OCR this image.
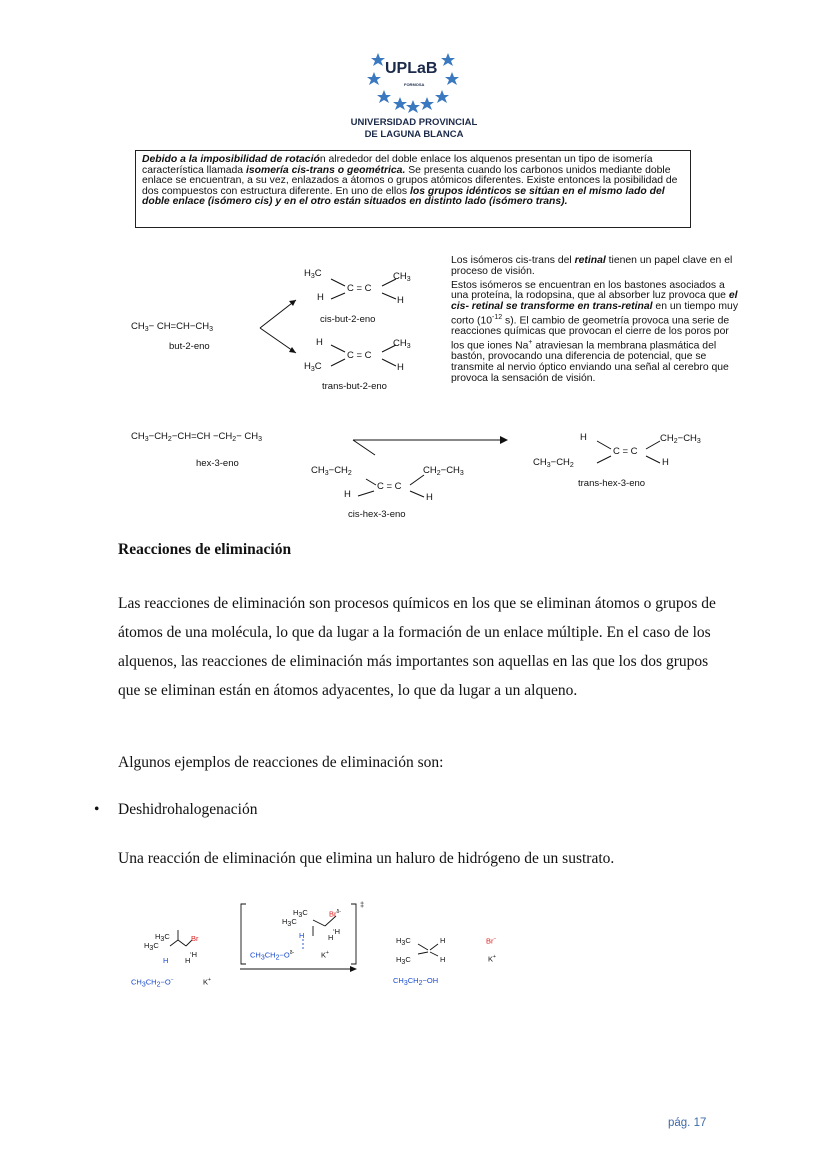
UPLaB
FORMOSA
UNIVERSIDAD PROVINCIAL
DE LAGUNA BLANCA
Debido a la imposibilidad de rotación alrededor del doble enlace los alquenos presentan un tipo de isomería característica llamada isomería cis-trans o geométrica. Se presenta cuando los carbonos unidos mediante doble enlace se encuentran, a su vez, enlazados a átomos o grupos atómicos diferentes. Existe entonces la posibilidad de dos compuestos con estructura diferente. En uno de ellos los grupos idénticos se sitúan en el mismo lado del doble enlace (isómero cis) y en el otro están situados en distinto lado (isómero trans).
$CH_3- CH=CH-CH_3$
but-2-eno
$H_3C$	$CH_3$
H
C = C
H
cis-but-2-eno
H	$CH_3$
C = C
$H_3C$	H
trans-but-2-eno

Los isómeros cis-trans del retinal tienen un papel clave en el proceso de visión.

Estos isómeros se encuentran en los bastones asociados a una proteína, la rodopsina, que al absorber luz provoca que el cis- retinal se transforme en trans-retinal en un tiempo muy corto ($10^{-12}$ s). El cambio de geometría provoca una serie de reacciones químicas que provocan el cierre de los poros por los que iones Na+ atraviesan la membrana plasmática del bastón, provocando una diferencia de potencial, que se transmite al nervio óptico enviando una señal al cerebro que provoca la sensación de visión.

$CH_3-CH_2-CH=CH -CH_2- CH_3$
hex-3-eno
$CH_3-CH_2$	$CH_2-CH_3$
C = C
H	H
cis-hex-3-eno
H	$CH_2-CH_3$
C = C
$CH_3-CH_2$	H
trans-hex-3-eno
Reacciones de eliminación
Las reacciones de eliminación son procesos químicos en los que se eliminan átomos o grupos de átomos de una molécula, lo que da lugar a la formación de un enlace múltiple. En el caso de los alquenos, las reacciones de eliminación más importantes son aquellas en las que los dos grupos que se eliminan están en átomos adyacentes, lo que da lugar a un alqueno.
Algunos ejemplos de reacciones de eliminación son:
• Deshidrohalogenación
Una reacción de eliminación que elimina un haluro de hidrógeno de un sustrato.
$H_3C$
$H_3C$
Br
H
‘H
H
$CH_3CH_2-O^-$	K+
$H_3C$
$H_3C$
$Br^{\delta-}$
‡
‘H
H
H
$CH_3CH_2-O^{\delta-}$	K+
$H_3C$	H
$H_3C$	H
$CH_3CH_2-OH$
Br−
K+
pág. 17
